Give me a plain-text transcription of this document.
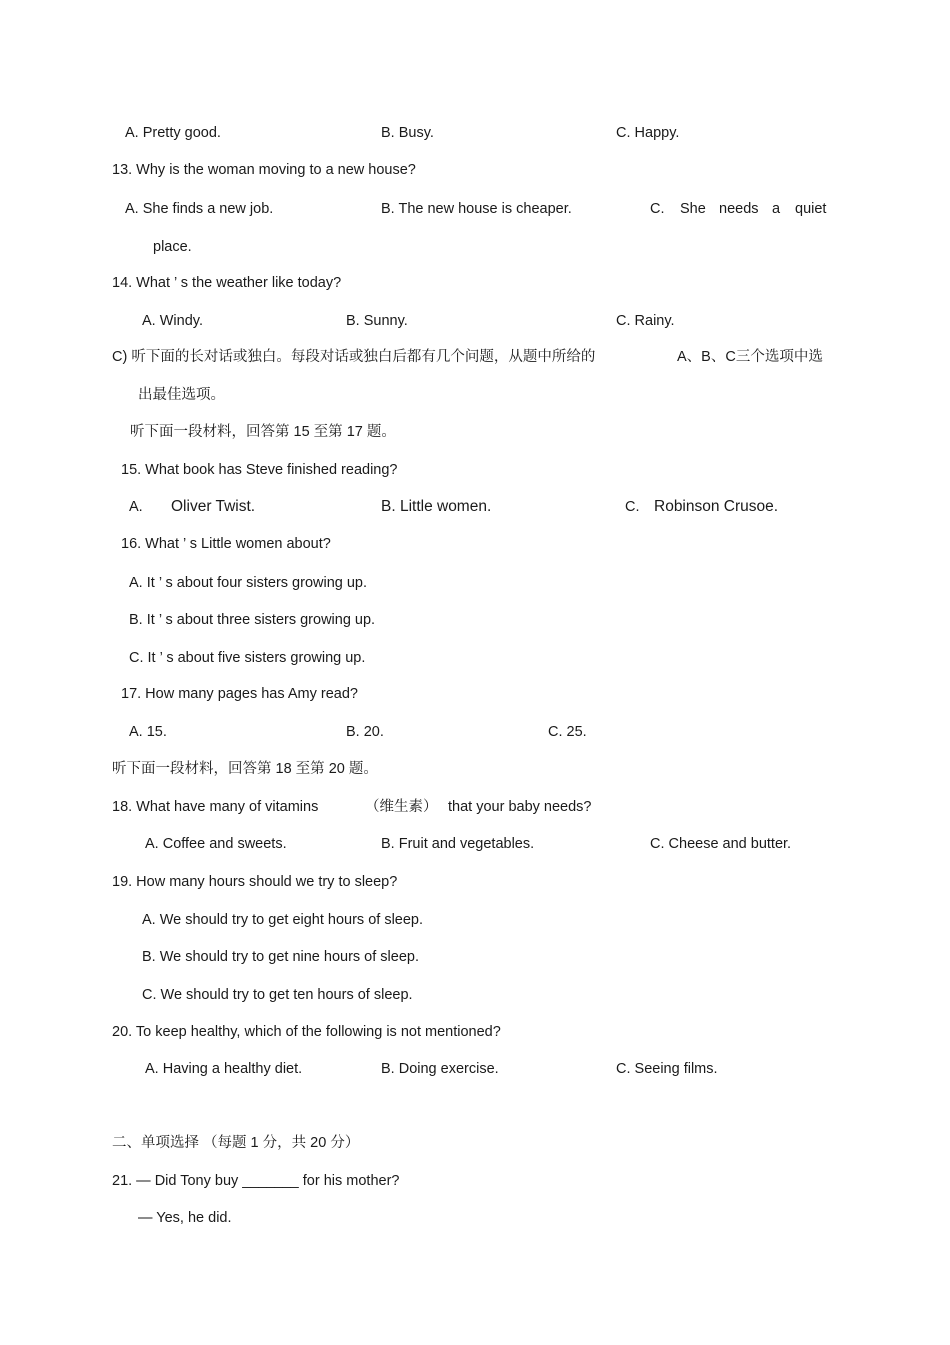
A. Pretty good.	B. Busy.	C. Happy.
13. Why is the woman moving to a new house?
A. She finds a new job.	B. The new house is cheaper.	C. She needs a quiet
place.
14. What ’ s the weather like today?
A. Windy.	B. Sunny.	C. Rainy.
C) 听下面的长对话或独白。每段对话或独白后都有几个问题，从题中所给的	A、B、C三个选项中选
出最佳选项。
听下面一段材料，回答第 15 至第 17 题。
15. What book has Steve finished reading?
A. Oliver Twist.	B. Little women.	C. Robinson Crusoe.
16. What ’ s Little women about?
A. It ’ s about four sisters growing up.
B. It ’ s about three sisters growing up.
C. It ’ s about five sisters growing up.
17. How many pages has Amy read?
A. 15.	B. 20.	C. 25.
听下面一段材料，回答第 18 至第 20 题。
18. What have many of vitamins	（维生素） that your baby needs?
A. Coffee and sweets.	B. Fruit and vegetables.	C. Cheese and butter.
19. How many hours should we try to sleep?
A. We should try to get eight hours of sleep.
B. We should try to get nine hours of sleep.
C. We should try to get ten hours of sleep.
20. To keep healthy, which of the following is not mentioned?
A. Having a healthy diet.	B. Doing exercise.	C. Seeing films.
二、单项选择 （每题 1 分，共 20 分）
21. — Did Tony buy _______ for his mother?
— Yes, he did.
